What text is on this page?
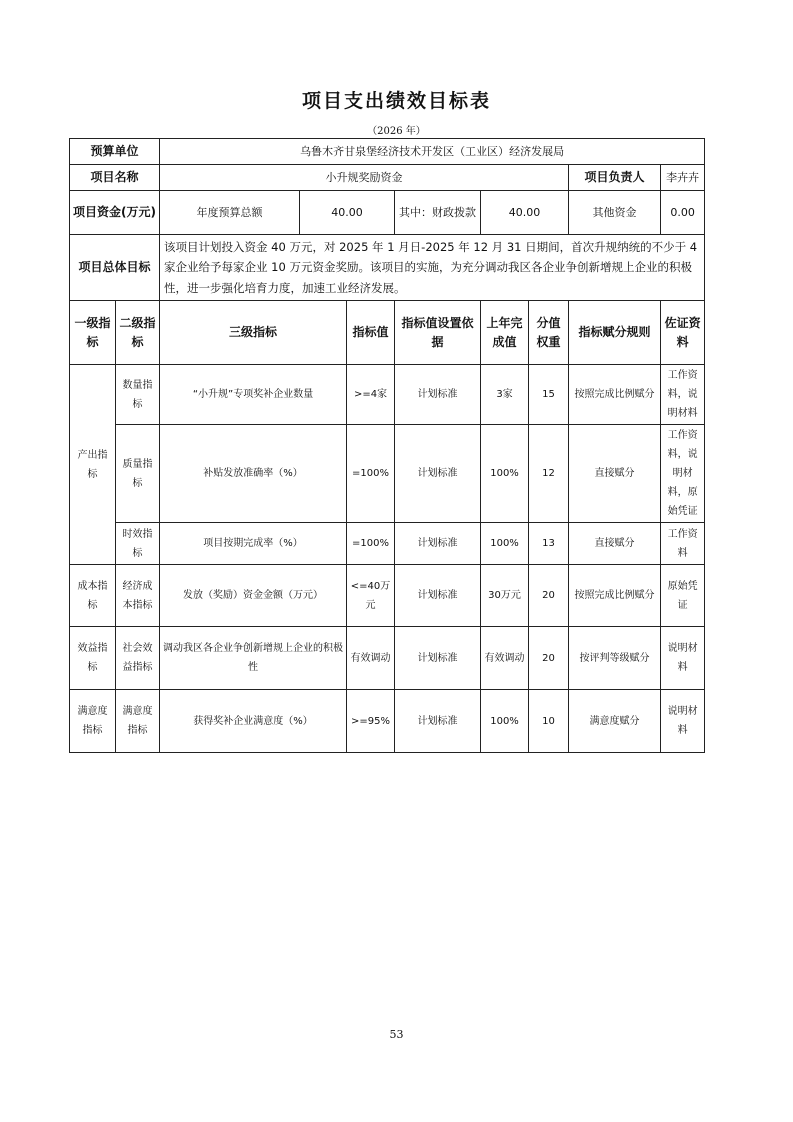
项目支出绩效目标表
（2026 年）
预算单位		乌鲁木齐甘泉堡经济技术开发区（工业区）经济发展局							
项目名称		小升规奖励资金						项目负责人	李卉卉
项目资金(万元)		年度预算总额	40.00		其中：财政拨款	40.00		其他资金	0.00
项目总体目标		该项目计划投入资金 40 万元，对 2025 年 1 月日-2025 年 12 月 31 日期间，首次升规纳统的不少于 4 家企业给予每家企业 10 万元资金奖励。该项目的实施，为充分调动我区各企业争创新增规上企业的积极性，进一步强化培育力度，加速工业经济发展。							
一级指标	二级指标	三级指标		指标值	指标值设置依据	上年完成值	分值权重	指标赋分规则	佐证资料
产出指标	数量指标	“小升规”专项奖补企业数量		>=4家	计划标准	3家	15	按照完成比例赋分	工作资料，说明材料
	质量指标	补贴发放准确率（%）		=100%	计划标准	100%	12	直接赋分	工作资料，说明材料，原始凭证
	时效指标	项目按期完成率（%）		=100%	计划标准	100%	13	直接赋分	工作资料
成本指标	经济成本指标	发放（奖励）资金金额（万元）		<=40万元	计划标准	30万元	20	按照完成比例赋分	原始凭证
效益指标	社会效益指标	调动我区各企业争创新增规上企业的积极性		有效调动	计划标准	有效调动	20	按评判等级赋分	说明材料
满意度指标	满意度指标	获得奖补企业满意度（%）		>=95%	计划标准	100%	10	满意度赋分	说明材料
53
